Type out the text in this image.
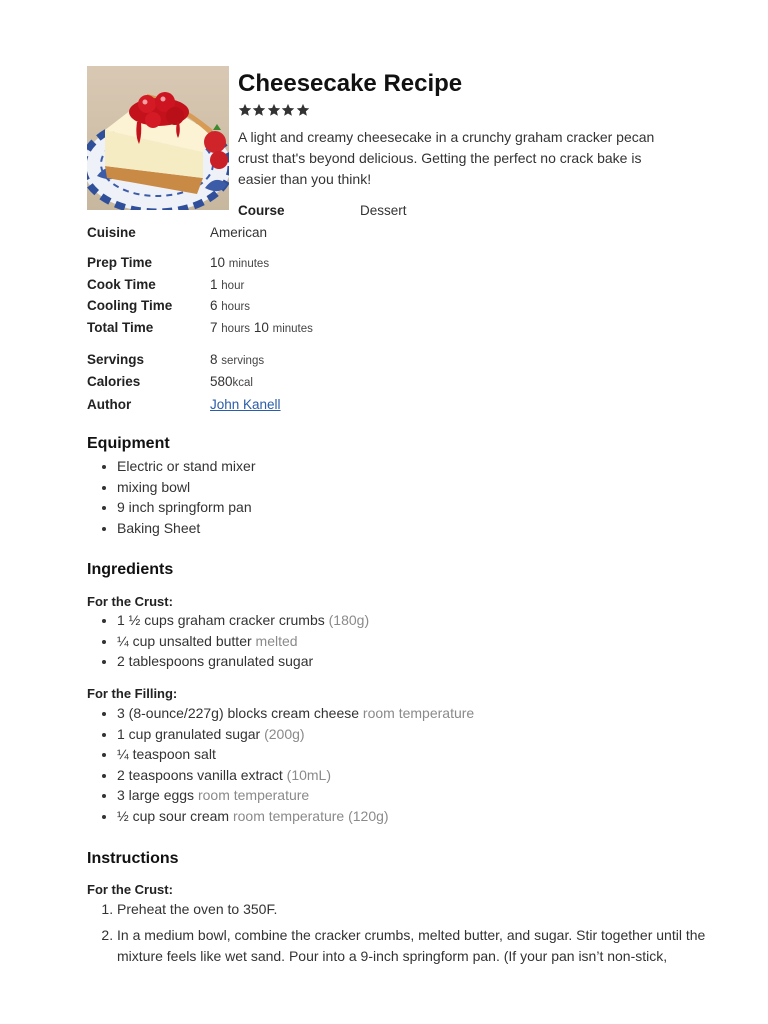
Cheesecake Recipe

A light and creamy cheesecake in a crunchy graham cracker pecan crust that's beyond delicious. Getting the perfect no crack bake is easier than you think!

Course	Dessert
Cuisine	American
Prep Time	10 minutes
Cook Time	1 hour
Cooling Time	6 hours
Total Time	7 hours 10 minutes
Servings	8 servings
Calories	580kcal
Author	John Kanell
Equipment
• Electric or stand mixer
• mixing bowl
• 9 inch springform pan
• Baking Sheet
Ingredients
For the Crust:
• 1 ½ cups graham cracker crumbs (180g)
• ¼ cup unsalted butter melted
• 2 tablespoons granulated sugar
For the Filling:
• 3 (8-ounce/227g) blocks cream cheese room temperature
• 1 cup granulated sugar (200g)
• ¼ teaspoon salt
• 2 teaspoons vanilla extract (10mL)
• 3 large eggs room temperature
• ½ cup sour cream room temperature (120g)
Instructions
For the Crust:
1. Preheat the oven to 350F.
2. In a medium bowl, combine the cracker crumbs, melted butter, and sugar. Stir together until the mixture feels like wet sand. Pour into a 9-inch springform pan. (If your pan isn’t non-stick,
